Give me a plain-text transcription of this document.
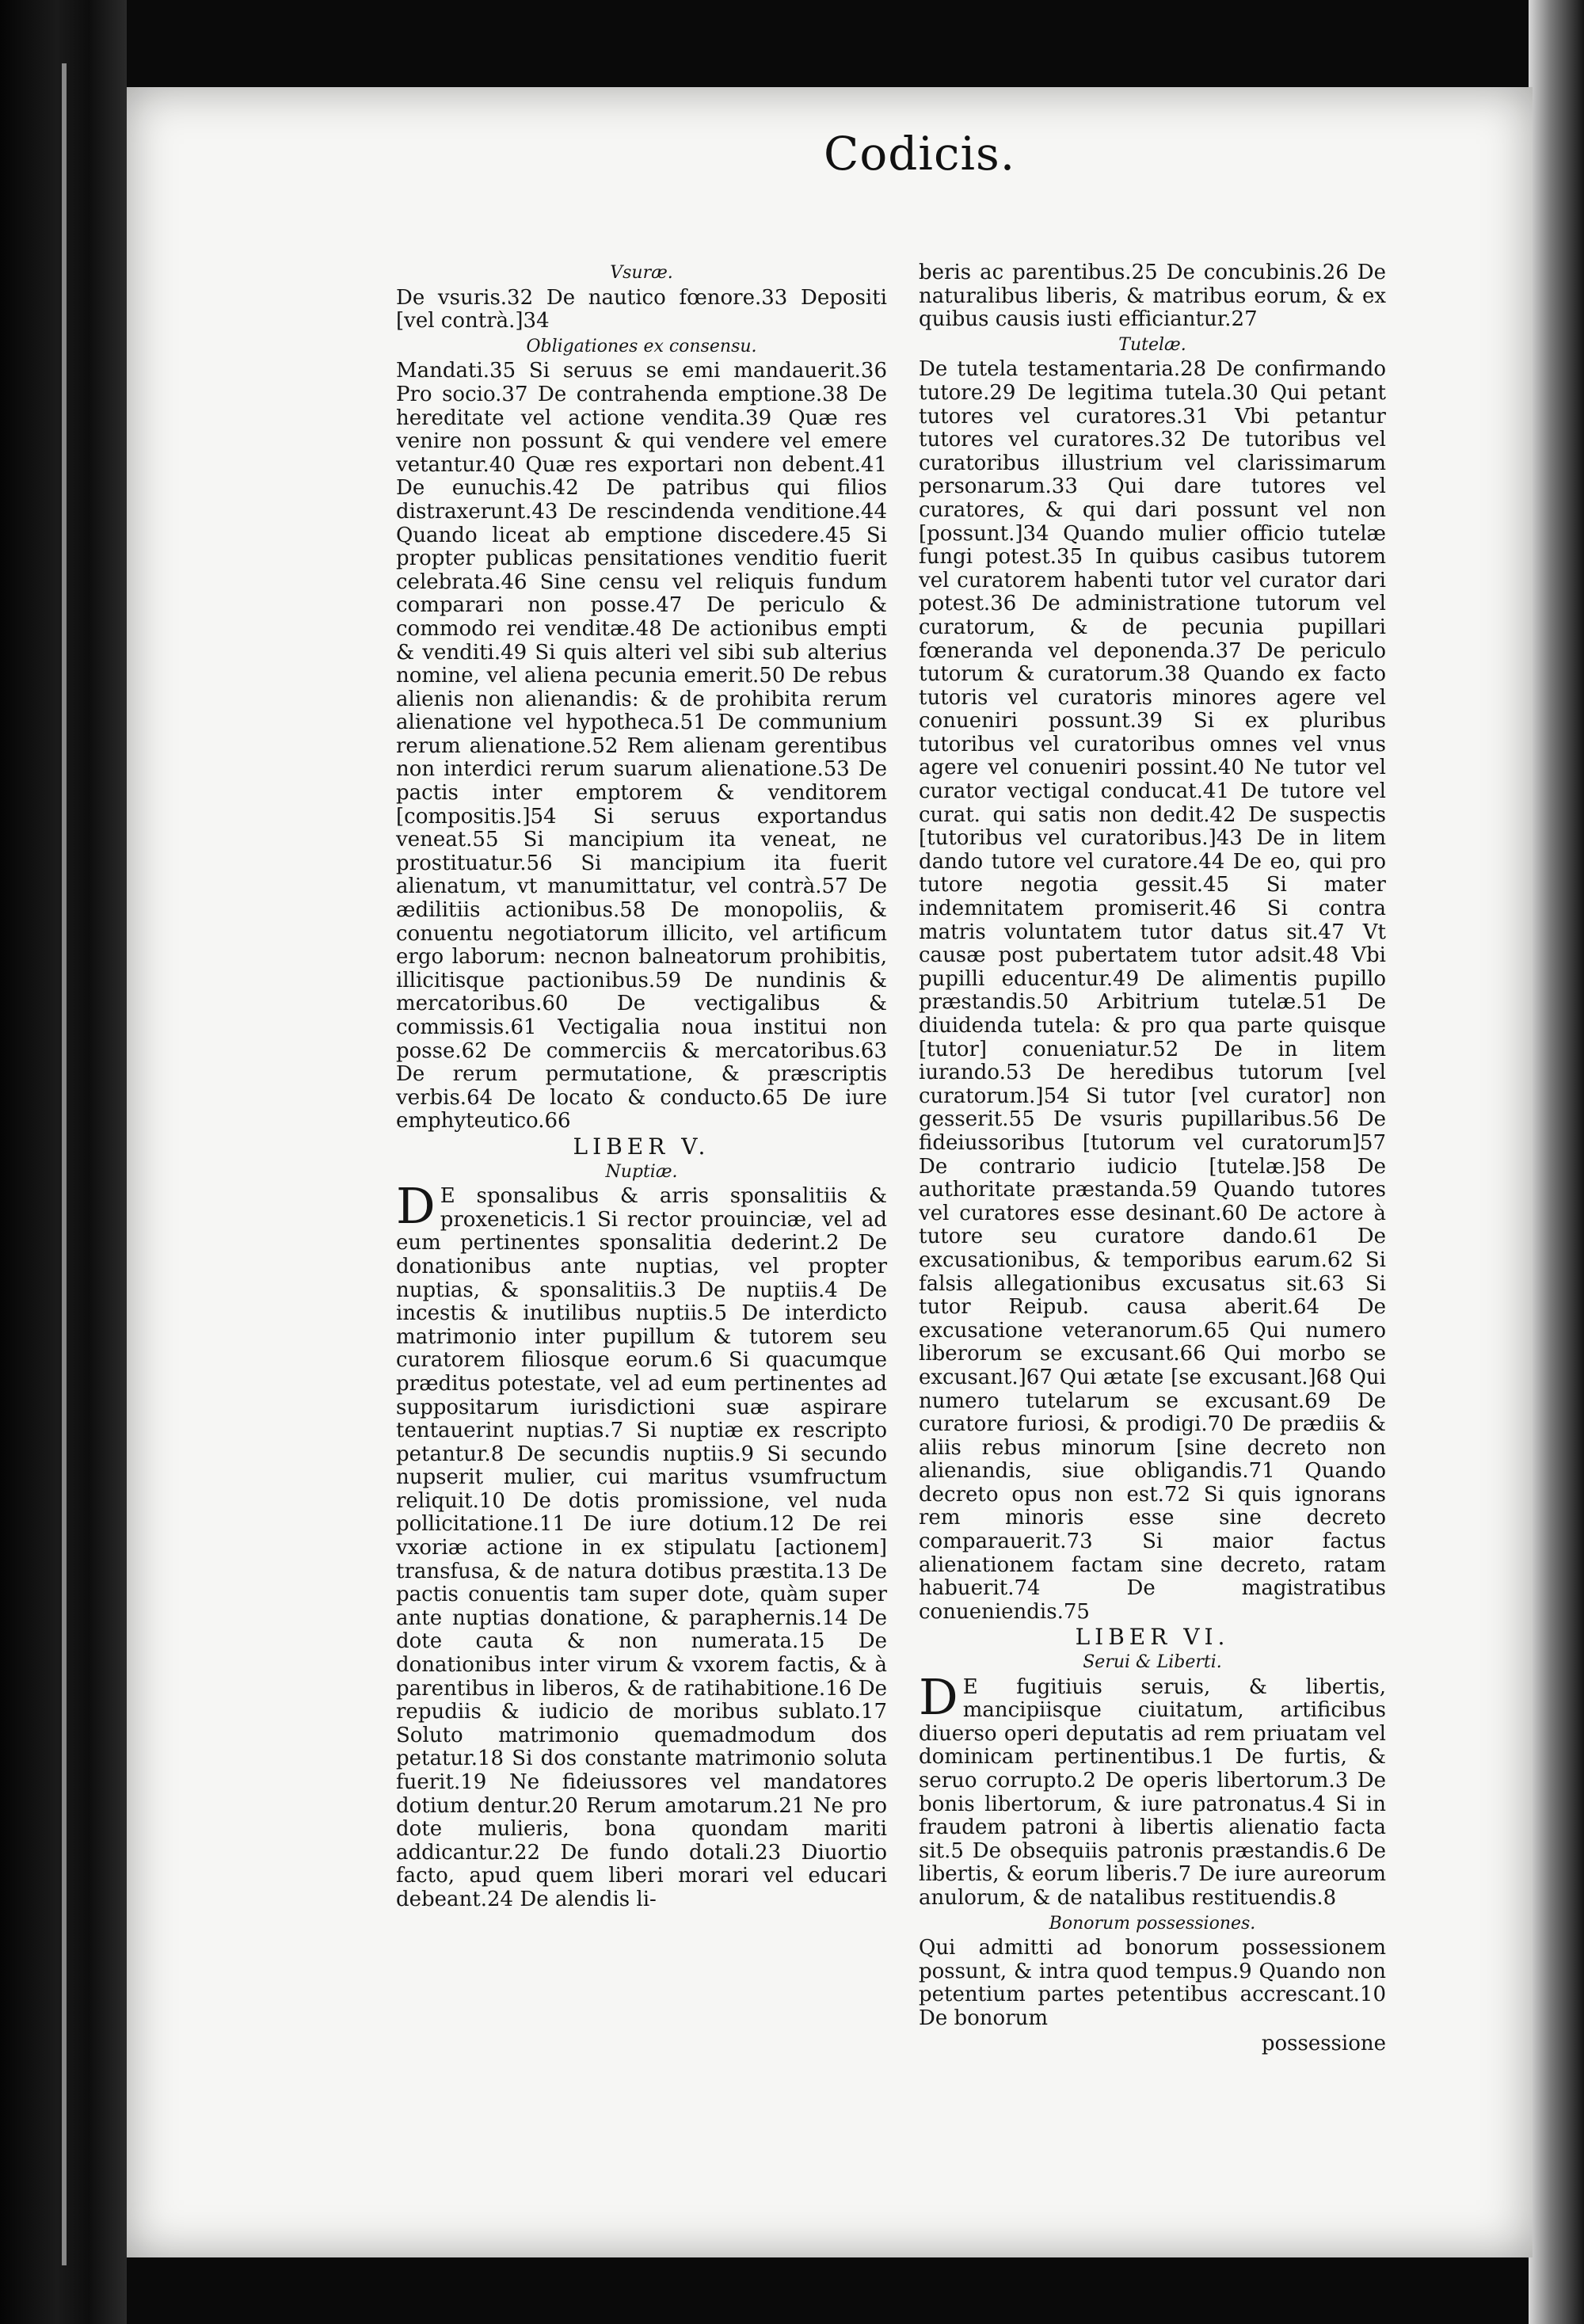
Codicis.

Vsuræ.

De vsuris.32 De nautico fœnore.33 Depositi [vel contrà.]34

Obligationes ex consensu.

Mandati.35 Si seruus se emi mandauerit.36 Pro socio.37 De contrahenda emptione.38 De hereditate vel actione vendita.39 Quæ res venire non possunt & qui vendere vel emere vetantur.40 Quæ res exportari non debent.41 De eunuchis.42 De patribus qui filios distraxerunt.43 De rescindenda venditione.44 Quando liceat ab emptione discedere.45 Si propter publicas pensitationes venditio fuerit celebrata.46 Sine censu vel reliquis fundum comparari non posse.47 De periculo & commodo rei venditæ.48 De actionibus empti & venditi.49 Si quis alteri vel sibi sub alterius nomine, vel aliena pecunia emerit.50 De rebus alienis non alienandis: & de prohibita rerum alienatione vel hypotheca.51 De communium rerum alienatione.52 Rem alienam gerentibus non interdici rerum suarum alienatione.53 De pactis inter emptorem & venditorem [compositis.]54 Si seruus exportandus veneat.55 Si mancipium ita veneat, ne prostituatur.56 Si mancipium ita fuerit alienatum, vt manumittatur, vel contrà.57 De ædilitiis actionibus.58 De monopoliis, & conuentu negotiatorum illicito, vel artificum ergo laborum: necnon balneatorum prohibitis, illicitisque pactionibus.59 De nundinis & mercatoribus.60 De vectigalibus & commissis.61 Vectigalia noua institui non posse.62 De commerciis & mercatoribus.63 De rerum permutatione, & præscriptis verbis.64 De locato & conducto.65 De iure emphyteutico.66

LIBER V.

Nuptiæ.

DE sponsalibus & arris sponsalitiis & proxeneticis.1 Si rector prouinciæ, vel ad eum pertinentes sponsalitia dederint.2 De donationibus ante nuptias, vel propter nuptias, & sponsalitiis.3 De nuptiis.4 De incestis & inutilibus nuptiis.5 De interdicto matrimonio inter pupillum & tutorem seu curatorem filiosque eorum.6 Si quacumque præditus potestate, vel ad eum pertinentes ad suppositarum iurisdictioni suæ aspirare tentauerint nuptias.7 Si nuptiæ ex rescripto petantur.8 De secundis nuptiis.9 Si secundo nupserit mulier, cui maritus vsumfructum reliquit.10 De dotis promissione, vel nuda pollicitatione.11 De iure dotium.12 De rei vxoriæ actione in ex stipulatu [actionem] transfusa, & de natura dotibus præstita.13 De pactis conuentis tam super dote, quàm super ante nuptias donatione, & paraphernis.14 De dote cauta & non numerata.15 De donationibus inter virum & vxorem factis, & à parentibus in liberos, & de ratihabitione.16 De repudiis & iudicio de moribus sublato.17 Soluto matrimonio quemadmodum dos petatur.18 Si dos constante matrimonio soluta fuerit.19 Ne fideiussores vel mandatores dotium dentur.20 Rerum amotarum.21 Ne pro dote mulieris, bona quondam mariti addicantur.22 De fundo dotali.23 Diuortio facto, apud quem liberi morari vel educari debeant.24 De alendis li-

beris ac parentibus.25 De concubinis.26 De naturalibus liberis, & matribus eorum, & ex quibus causis iusti efficiantur.27

Tutelæ.

De tutela testamentaria.28 De confirmando tutore.29 De legitima tutela.30 Qui petant tutores vel curatores.31 Vbi petantur tutores vel curatores.32 De tutoribus vel curatoribus illustrium vel clarissimarum personarum.33 Qui dare tutores vel curatores, & qui dari possunt vel non [possunt.]34 Quando mulier officio tutelæ fungi potest.35 In quibus casibus tutorem vel curatorem habenti tutor vel curator dari potest.36 De administratione tutorum vel curatorum, & de pecunia pupillari fœneranda vel deponenda.37 De periculo tutorum & curatorum.38 Quando ex facto tutoris vel curatoris minores agere vel conueniri possunt.39 Si ex pluribus tutoribus vel curatoribus omnes vel vnus agere vel conueniri possint.40 Ne tutor vel curator vectigal conducat.41 De tutore vel curat. qui satis non dedit.42 De suspectis [tutoribus vel curatoribus.]43 De in litem dando tutore vel curatore.44 De eo, qui pro tutore negotia gessit.45 Si mater indemnitatem promiserit.46 Si contra matris voluntatem tutor datus sit.47 Vt causæ post pubertatem tutor adsit.48 Vbi pupilli educentur.49 De alimentis pupillo præstandis.50 Arbitrium tutelæ.51 De diuidenda tutela: & pro qua parte quisque [tutor] conueniatur.52 De in litem iurando.53 De heredibus tutorum [vel curatorum.]54 Si tutor [vel curator] non gesserit.55 De vsuris pupillaribus.56 De fideiussoribus [tutorum vel curatorum]57 De contrario iudicio [tutelæ.]58 De authoritate præstanda.59 Quando tutores vel curatores esse desinant.60 De actore à tutore seu curatore dando.61 De excusationibus, & temporibus earum.62 Si falsis allegationibus excusatus sit.63 Si tutor Reipub. causa aberit.64 De excusatione veteranorum.65 Qui numero liberorum se excusant.66 Qui morbo se excusant.]67 Qui ætate [se excusant.]68 Qui numero tutelarum se excusant.69 De curatore furiosi, & prodigi.70 De prædiis & aliis rebus minorum [sine decreto non alienandis, siue obligandis.71 Quando decreto opus non est.72 Si quis ignorans rem minoris esse sine decreto comparauerit.73 Si maior factus alienationem factam sine decreto, ratam habuerit.74 De magistratibus conueniendis.75

LIBER VI.

Serui & Liberti.

DE fugitiuis seruis, & libertis, mancipiisque ciuitatum, artificibus diuerso operi deputatis ad rem priuatam vel dominicam pertinentibus.1 De furtis, & seruo corrupto.2 De operis libertorum.3 De bonis libertorum, & iure patronatus.4 Si in fraudem patroni à libertis alienatio facta sit.5 De obsequiis patronis præstandis.6 De libertis, & eorum liberis.7 De iure aureorum anulorum, & de natalibus restituendis.8

Bonorum possessiones.

Qui admitti ad bonorum possessionem possunt, & intra quod tempus.9 Quando non petentium partes petentibus accrescant.10 De bonorum

possessione
